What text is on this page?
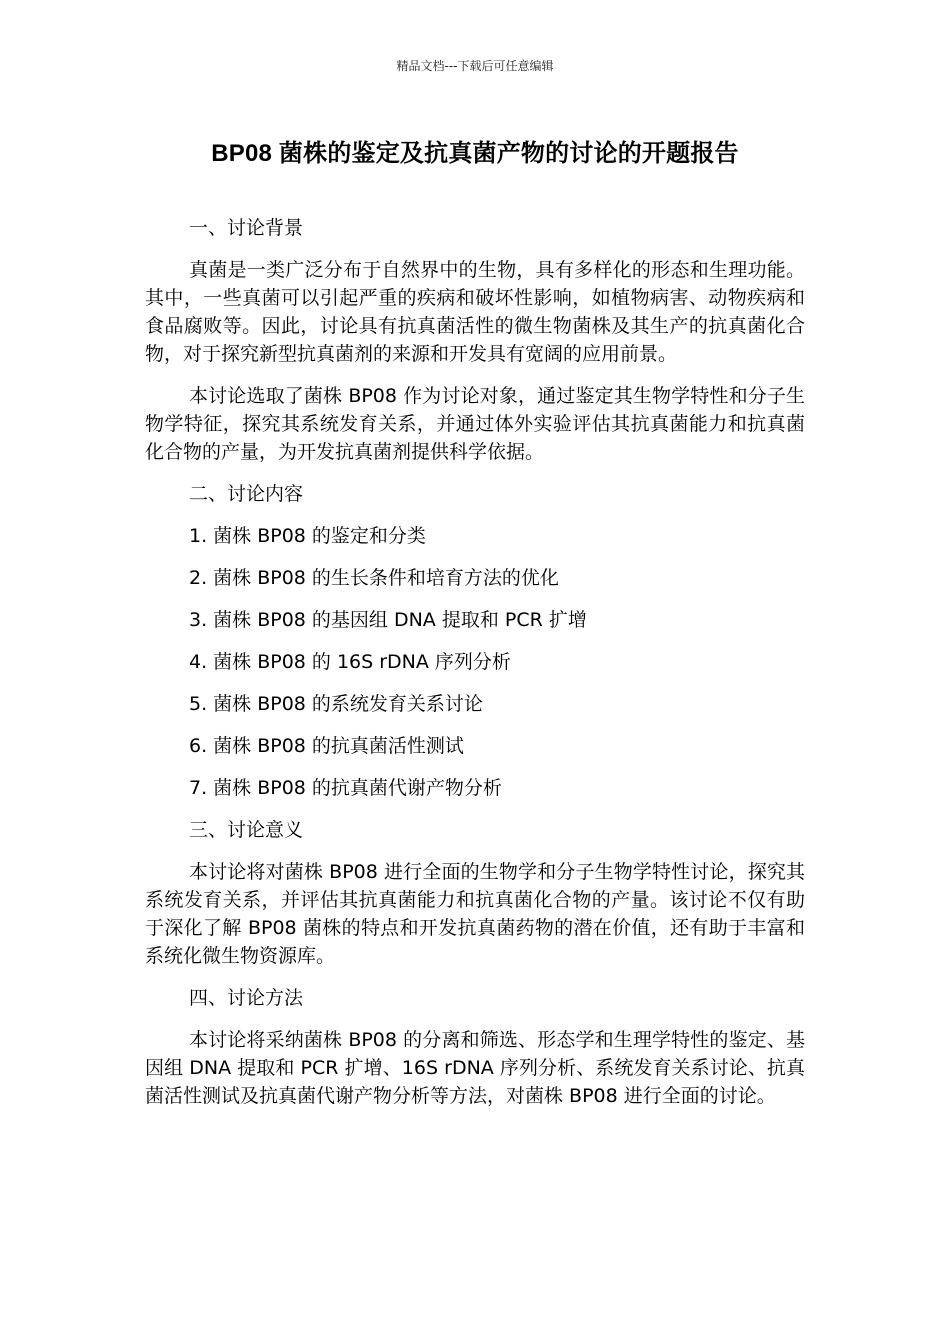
精品文档---下载后可任意编辑
BP08 菌株的鉴定及抗真菌产物的讨论的开题报告
一、讨论背景

真菌是一类广泛分布于自然界中的生物，具有多样化的形态和生理功能。其中，一些真菌可以引起严重的疾病和破坏性影响，如植物病害、动物疾病和食品腐败等。因此，讨论具有抗真菌活性的微生物菌株及其生产的抗真菌化合物，对于探究新型抗真菌剂的来源和开发具有宽阔的应用前景。

本讨论选取了菌株 BP08 作为讨论对象，通过鉴定其生物学特性和分子生物学特征，探究其系统发育关系，并通过体外实验评估其抗真菌能力和抗真菌化合物的产量，为开发抗真菌剂提供科学依据。

二、讨论内容
1. 菌株 BP08 的鉴定和分类
2. 菌株 BP08 的生长条件和培育方法的优化
3. 菌株 BP08 的基因组 DNA 提取和 PCR 扩增
4. 菌株 BP08 的 16S rDNA 序列分析
5. 菌株 BP08 的系统发育关系讨论
6. 菌株 BP08 的抗真菌活性测试
7. 菌株 BP08 的抗真菌代谢产物分析
三、讨论意义

本讨论将对菌株 BP08 进行全面的生物学和分子生物学特性讨论，探究其系统发育关系，并评估其抗真菌能力和抗真菌化合物的产量。该讨论不仅有助于深化了解 BP08 菌株的特点和开发抗真菌药物的潜在价值，还有助于丰富和系统化微生物资源库。

四、讨论方法

本讨论将采纳菌株 BP08 的分离和筛选、形态学和生理学特性的鉴定、基因组 DNA 提取和 PCR 扩增、16S rDNA 序列分析、系统发育关系讨论、抗真菌活性测试及抗真菌代谢产物分析等方法，对菌株 BP08 进行全面的讨论。
